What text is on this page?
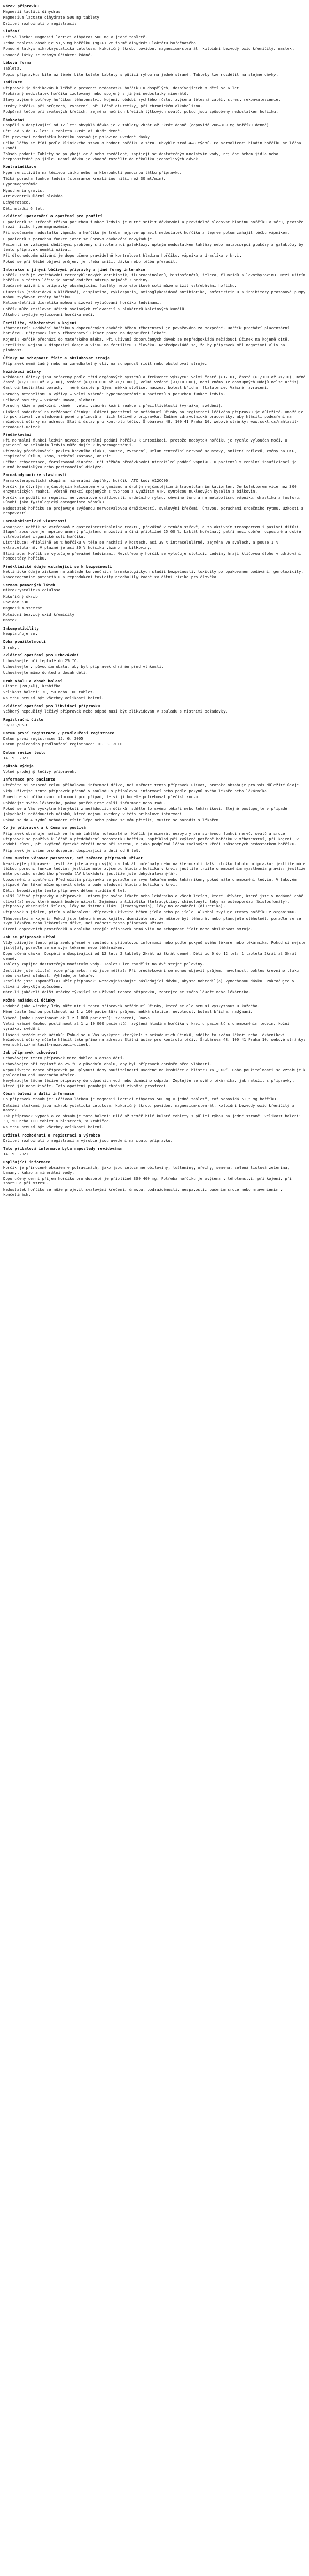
Název přípravku
Magnesii lactici dihydras
Magnesium lactate dihydrate 500 mg tablety
Držitel rozhodnutí o registraci:
Složení
Léčivá látka: Magnesii lactici dihydras 500 mg v jedné tabletě.
Jedna tableta obsahuje 51,5 mg hořčíku (Mg2+) ve formě dihydrátu laktátu hořečnatého.
Pomocné látky: mikrokrystalická celulosa, kukuřičný škrob, povidon, magnesium-stearát, koloidní bezvodý oxid křemičitý, mastek.
Pomocné látky se známým účinkem: žádné.
Léková forma
Tableta.
Popis přípravku: bílé až téměř bílé kulaté tablety s půlicí rýhou na jedné straně. Tablety lze rozdělit na stejné dávky.
Indikace
Přípravek je indikován k léčbě a prevenci nedostatku hořčíku u dospělých, dospívajících a dětí od 6 let.
Prokázaný nedostatek hořčíku izolovaný nebo spojený s jinými nedostatky minerálů.
Stavy zvýšené potřeby hořčíku: těhotenství, kojení, období rychlého růstu, zvýšená tělesná zátěž, stres, rekonvalescence.
Ztráty hořčíku při průjmech, zvracení, při léčbě diuretiky, při chronickém alkoholismu.
Podpůrná léčba při svalových křečích, zejména nočních křečích lýtkových svalů, pokud jsou způsobeny nedostatkem hořčíku.
Dávkování
Dospělí a dospívající od 12 let: obvyklá dávka je 2 tablety 2krát až 3krát denně (odpovídá 206–309 mg hořčíku denně).
Děti od 6 do 12 let: 1 tableta 2krát až 3krát denně.
Při prevenci nedostatku hořčíku postačuje polovina uvedené dávky.
Délka léčby se řídí podle klinického stavu a hodnot hořčíku v séru. Obvykle trvá 4–8 týdnů. Po normalizaci hladin hořčíku se léčba ukončí.
Způsob podání: Tablety se polykají celé nebo rozdělené, zapíjejí se dostatečným množstvím vody, nejlépe během jídla nebo bezprostředně po jídle. Denní dávku je vhodné rozdělit do několika jednotlivých dávek.
Kontraindikace
Hypersenzitivita na léčivou látku nebo na kteroukoli pomocnou látku přípravku.
Těžká porucha funkce ledvin (clearance kreatininu nižší než 30 ml/min).
Hypermagnezémie.
Myasthenia gravis.
Atrioventrikulární blokáda.
Dehydratace.
Děti mladší 6 let.
Zvláštní upozornění a opatření pro použití
U pacientů se středně těžkou poruchou funkce ledvin je nutné snížit dávkování a pravidelně sledovat hladinu hořčíku v séru, protože hrozí riziko hypermagnezémie.
Při současném nedostatku vápníku a hořčíku je třeba nejprve upravit nedostatek hořčíku a teprve potom zahájit léčbu vápníkem.
U pacientů s poruchou funkce jater se úprava dávkování nevyžaduje.
Pacienti se vzácnými dědičnými problémy s intolerancí galaktózy, úplným nedostatkem laktázy nebo malabsorpcí glukózy a galaktózy by tento přípravek neměli užívat.
Při dlouhodobém užívání je doporučeno pravidelně kontrolovat hladinu hořčíku, vápníku a draslíku v krvi.
Pokud se při léčbě objeví průjem, je třeba snížit dávku nebo léčbu přerušit.
Interakce s jinými léčivými přípravky a jiné formy interakce
Hořčík snižuje vstřebávání tetracyklinových antibiotik, fluorochinolonů, bisfosfonátů, železa, fluoridů a levothyroxinu. Mezi užitím hořčíku a těchto léčiv je nutné dodržet odstup nejméně 3 hodiny.
Současné užívání s přípravky obsahujícími fosfáty nebo vápníkové soli může snížit vstřebávání hořčíku.
Diuretika (thiazidová a kličková), cisplatina, cyklosporin, aminoglykosidová antibiotika, amfotericin B a inhibitory protonové pumpy mohou zvyšovat ztráty hořčíku.
Kalium-šetřící diuretika mohou snižovat vylučování hořčíku ledvinami.
Hořčík může zesilovat účinek svalových relaxancií a blokátorů kalciových kanálů.
Alkohol zvyšuje vylučování hořčíku močí.
Fertilita, těhotenství a kojení
Těhotenství: Podávání hořčíku v doporučených dávkách během těhotenství je považováno za bezpečné. Hořčík prochází placentární bariérou. Přípravek lze v těhotenství užívat pouze na doporučení lékaře.
Kojení: Hořčík přechází do mateřského mléka. Při užívání doporučených dávek se nepředpokládá nežádoucí účinek na kojené dítě.
Fertilita: Nejsou k dispozici údaje o vlivu na fertilitu u člověka. Nepředpokládá se, že by přípravek měl negativní vliv na plodnost.
Účinky na schopnost řídit a obsluhovat stroje
Přípravek nemá žádný nebo má zanedbatelný vliv na schopnost řídit nebo obsluhovat stroje.
Nežádoucí účinky
Nežádoucí účinky jsou seřazeny podle tříd orgánových systémů a frekvence výskytu: velmi časté (≥1/10), časté (≥1/100 až <1/10), méně časté (≥1/1 000 až <1/100), vzácné (≥1/10 000 až <1/1 000), velmi vzácné (<1/10 000), není známo (z dostupných údajů nelze určit).
Gastrointestinální poruchy – méně časté: průjem, měkká stolice, nauzea, bolest břicha, flatulence. Vzácné: zvracení.
Poruchy metabolismu a výživy – velmi vzácné: hypermagnezémie u pacientů s poruchou funkce ledvin.
Celkové poruchy – vzácné: únava, slabost.
Poruchy kůže a podkožní tkáně – velmi vzácné: kožní reakce z přecitlivělosti (vyrážka, svědění).
Hlášení podezření na nežádoucí účinky: Hlášení podezření na nežádoucí účinky po registraci léčivého přípravku je důležité. Umožňuje to pokračovat ve sledování poměru přínosů a rizik léčivého přípravku. Žádáme zdravotnické pracovníky, aby hlásili podezření na nežádoucí účinky na adresu: Státní ústav pro kontrolu léčiv, Šrobárova 48, 100 41 Praha 10, webové stránky: www.sukl.cz/nahlasit-nezadouci-ucinek.
Předávkování
Při normální funkci ledvin nevede perorální podání hořčíku k intoxikaci, protože nadbytek hořčíku je rychle vyloučen močí. U pacientů se selháním ledvin může dojít k hypermagnezémii.
Příznaky předávkování: pokles krevního tlaku, nauzea, zvracení, útlum centrální nervové soustavy, snížení reflexů, změny na EKG, respirační útlum, kóma, srdeční zástava, anurie.
Léčba: rehydratace, forsírovaná diuréza. Při těžkém předávkování nitrožilní podání vápníku. U pacientů s renální insuficiencí je nutná hemodialýza nebo peritoneální dialýza.
Farmakodynamické vlastnosti
Farmakoterapeutická skupina: minerální doplňky, hořčík. ATC kód: A12CC06.
Hořčík je čtvrtým nejčastějším kationtem v organismu a druhým nejčastějším intracelulárním kationtem. Je kofaktorem více než 300 enzymatických reakcí, včetně reakcí spojených s tvorbou a využitím ATP, syntézou nukleových kyselin a bílkovin.
Hořčík se podílí na regulaci nervosvalové dráždivosti, srdečního rytmu, cévního tonu a na metabolismu vápníku, draslíku a fosforu. Působí jako fyziologický antagonista vápníku.
Nedostatek hořčíku se projevuje zvýšenou nervosvalovou dráždivostí, svalovými křečemi, únavou, poruchami srdečního rytmu, úzkostí a nespavostí.
Farmakokinetické vlastnosti
Absorpce: Hořčík se vstřebává z gastrointestinálního traktu, převážně v tenkém střevě, a to aktivním transportem i pasivní difúzí. Stupeň absorpce je nepřímo úměrný přijatému množství a činí přibližně 25–60 %. Laktát hořečnatý patří mezi dobře rozpustné a dobře vstřebatelné organické soli hořčíku.
Distribuce: Přibližně 60 % hořčíku v těle se nachází v kostech, asi 39 % intracelulárně, zejména ve svalech, a pouze 1 % extracelulárně. V plazmě je asi 30 % hořčíku vázáno na bílkoviny.
Eliminace: Hořčík se vylučuje převážně ledvinami. Nevstřebaný hořčík se vylučuje stolicí. Ledviny hrají klíčovou úlohu v udržování homeostázy hořčíku.
Předklinické údaje vztahující se k bezpečnosti
Neklinické údaje získané na základě konvenčních farmakologických studií bezpečnosti, toxicity po opakovaném podávání, genotoxicity, kancerogenního potenciálu a reprodukční toxicity neodhalily žádné zvláštní riziko pro člověka.
Seznam pomocných látek
Mikrokrystalická celulosa
Kukuřičný škrob
Povidon K30
Magnesium-stearát
Koloidní bezvodý oxid křemičitý
Mastek
Inkompatibility
Neuplatňuje se.
Doba použitelnosti
3 roky.
Zvláštní opatření pro uchovávání
Uchovávejte při teplotě do 25 °C.
Uchovávejte v původním obalu, aby byl přípravek chráněn před vlhkostí.
Uchovávejte mimo dohled a dosah dětí.
Druh obalu a obsah balení
Blistr (PVC/Al), krabička.
Velikost balení: 30, 50 nebo 100 tablet.
Na trhu nemusí být všechny velikosti balení.
Zvláštní opatření pro likvidaci přípravku
Veškerý nepoužitý léčivý přípravek nebo odpad musí být zlikvidován v souladu s místními požadavky.
Registrační číslo
39/123/05-C
Datum první registrace / prodloužení registrace
Datum první registrace: 15. 6. 2005
Datum posledního prodloužení registrace: 10. 3. 2010
Datum revize textu
14. 9. 2021
Způsob výdeje
Volně prodejný léčivý přípravek.
Informace pro pacienta
Přečtěte si pozorně celou příbalovou informaci dříve, než začnete tento přípravek užívat, protože obsahuje pro Vás důležité údaje.
Vždy užívejte tento přípravek přesně v souladu s příbalovou informací nebo podle pokynů svého lékaře nebo lékárníka.
Ponechte si příbalovou informaci pro případ, že si ji budete potřebovat přečíst znovu.
Požádejte svého lékárníka, pokud potřebujete další informace nebo radu.
Pokud se u Vás vyskytne kterýkoli z nežádoucích účinků, sdělte to svému lékaři nebo lékárníkovi. Stejně postupujte v případě jakýchkoli nežádoucích účinků, které nejsou uvedeny v této příbalové informaci.
Pokud se do 4 týdnů nebudete cítit lépe nebo pokud se Vám přitíží, musíte se poradit s lékařem.
Co je přípravek a k čemu se používá
Přípravek obsahuje hořčík ve formě laktátu hořečnatého. Hořčík je minerál nezbytný pro správnou funkci nervů, svalů a srdce.
Přípravek se používá k léčbě a předcházení nedostatku hořčíku, například při zvýšené potřebě hořčíku v těhotenství, při kojení, v období růstu, při zvýšené fyzické zátěži nebo při stresu, a jako podpůrná léčba svalových křečí způsobených nedostatkem hořčíku.
Přípravek je určen pro dospělé, dospívající a děti od 6 let.
Čemu musíte věnovat pozornost, než začnete přípravek užívat
Neužívejte přípravek: jestliže jste alergický(á) na laktát hořečnatý nebo na kteroukoli další složku tohoto přípravku; jestliže máte těžkou poruchu funkce ledvin; jestliže máte zvýšenou hladinu hořčíku v krvi; jestliže trpíte onemocněním myasthenia gravis; jestliže máte poruchu srdečního převodu (AV blokádu); jestliže jste dehydratovaný(á).
Upozornění a opatření: Před užitím přípravku se poraďte se svým lékařem nebo lékárníkem, pokud máte onemocnění ledvin. V takovém případě Vám lékař může upravit dávku a bude sledovat hladinu hořčíku v krvi.
Děti: Nepodávejte tento přípravek dětem mladším 6 let.
Další léčivé přípravky a přípravek: Informujte svého lékaře nebo lékárníka o všech lécích, které užíváte, které jste v nedávné době užíval(a) nebo které možná budete užívat. Zejména: antibiotika (tetracykliny, chinolony), léky na osteoporózu (bisfosfonáty), přípravky obsahující železo, léky na štítnou žlázu (levothyroxin), léky na odvodnění (diuretika).
Přípravek s jídlem, pitím a alkoholem: Přípravek užívejte během jídla nebo po jídle. Alkohol zvyšuje ztráty hořčíku z organismu.
Těhotenství a kojení: Pokud jste těhotná nebo kojíte, domníváte se, že můžete být těhotná, nebo plánujete otěhotnět, poraďte se se svým lékařem nebo lékárníkem dříve, než začnete tento přípravek užívat.
Řízení dopravních prostředků a obsluha strojů: Přípravek nemá vliv na schopnost řídit nebo obsluhovat stroje.
Jak se přípravek užívá
Vždy užívejte tento přípravek přesně v souladu s příbalovou informací nebo podle pokynů svého lékaře nebo lékárníka. Pokud si nejste jistý(á), poraďte se se svým lékařem nebo lékárníkem.
Doporučená dávka: Dospělí a dospívající od 12 let: 2 tablety 2krát až 3krát denně. Děti od 6 do 12 let: 1 tableta 2krát až 3krát denně.
Tablety zapijte dostatečným množstvím vody. Tabletu lze rozdělit na dvě stejné poloviny.
Jestliže jste užil(a) více přípravku, než jste měl(a): Při předávkování se mohou objevit průjem, nevolnost, pokles krevního tlaku nebo svalová slabost. Vyhledejte lékaře.
Jestliže jste zapomněl(a) užít přípravek: Nezdvojnásobujte následující dávku, abyste nahradil(a) vynechanou dávku. Pokračujte v užívání obvyklým způsobem.
Máte-li jakékoli další otázky týkající se užívání tohoto přípravku, zeptejte se svého lékaře nebo lékárníka.
Možné nežádoucí účinky
Podobně jako všechny léky může mít i tento přípravek nežádoucí účinky, které se ale nemusí vyskytnout u každého.
Méně časté (mohou postihnout až 1 z 100 pacientů): průjem, měkká stolice, nevolnost, bolest břicha, nadýmání.
Vzácné (mohou postihnout až 1 z 1 000 pacientů): zvracení, únava.
Velmi vzácné (mohou postihnout až 1 z 10 000 pacientů): zvýšená hladina hořčíku v krvi u pacientů s onemocněním ledvin, kožní vyrážka, svědění.
Hlášení nežádoucích účinků: Pokud se u Vás vyskytne kterýkoli z nežádoucích účinků, sdělte to svému lékaři nebo lékárníkovi. Nežádoucí účinky můžete hlásit také přímo na adresu: Státní ústav pro kontrolu léčiv, Šrobárova 48, 100 41 Praha 10, webové stránky: www.sukl.cz/nahlasit-nezadouci-ucinek.
Jak přípravek uchovávat
Uchovávejte tento přípravek mimo dohled a dosah dětí.
Uchovávejte při teplotě do 25 °C v původním obalu, aby byl přípravek chráněn před vlhkostí.
Nepoužívejte tento přípravek po uplynutí doby použitelnosti uvedené na krabičce a blistru za „EXP“. Doba použitelnosti se vztahuje k poslednímu dni uvedeného měsíce.
Nevyhazujte žádné léčivé přípravky do odpadních vod nebo domácího odpadu. Zeptejte se svého lékárníka, jak naložit s přípravky, které již nepoužíváte. Tato opatření pomáhají chránit životní prostředí.
Obsah balení a další informace
Co přípravek obsahuje: Léčivou látkou je magnesii lactici dihydras 500 mg v jedné tabletě, což odpovídá 51,5 mg hořčíku.
Dalšími složkami jsou mikrokrystalická celulosa, kukuřičný škrob, povidon, magnesium-stearát, koloidní bezvodý oxid křemičitý a mastek.
Jak přípravek vypadá a co obsahuje toto balení: Bílé až téměř bílé kulaté tablety s půlicí rýhou na jedné straně. Velikost balení: 30, 50 nebo 100 tablet v blistrech, v krabičce.
Na trhu nemusí být všechny velikosti balení.
Držitel rozhodnutí o registraci a výrobce
Držitel rozhodnutí o registraci a výrobce jsou uvedeni na obalu přípravku.
Tato příbalová informace byla naposledy revidována
14. 9. 2021
Doplňující informace
Hořčík je přirozeně obsažen v potravinách, jako jsou celozrnné obiloviny, luštěniny, ořechy, semena, zelená listová zelenina, banány, kakao a minerální vody.
Doporučený denní příjem hořčíku pro dospělé je přibližně 300–400 mg. Potřeba hořčíku je zvýšena v těhotenství, při kojení, při sportu a při stresu.
Nedostatek hořčíku se může projevit svalovými křečemi, únavou, podrážděností, nespavostí, bušením srdce nebo mravenčením v končetinách.
